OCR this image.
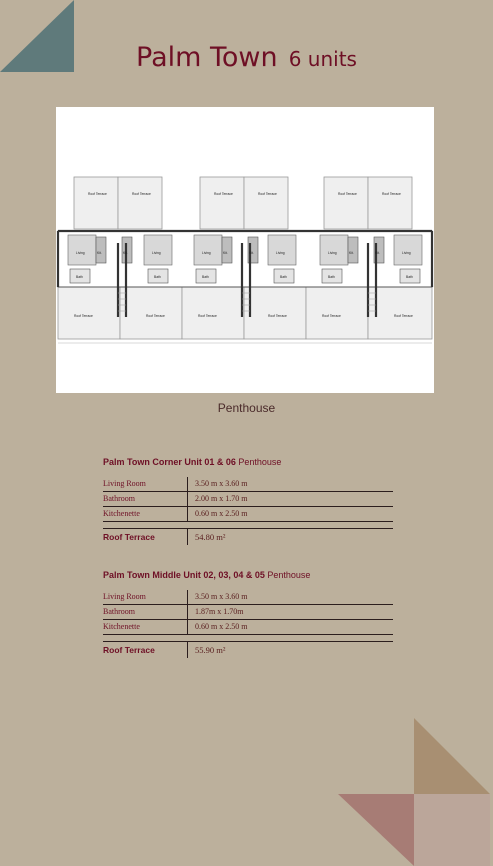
Palm Town 6 units
Roof Terrace	Roof Terrace	Roof Terrace	Roof Terrace	Roof Terrace	Roof Terrace
Living	Living	Living	Living	Living	Living
Kit.	Kit.	Kit.	Kit.	Kit.	Kit.
Bath	Bath	Bath	Bath	Bath	Bath
Roof Terrace	Roof Terrace	Roof Terrace	Roof Terrace	Roof Terrace	Roof Terrace
Penthouse
Palm Town Corner Unit 01 & 06 Penthouse
Living Room	3.50 m x 3.60 m
Bathroom	2.00 m x 1.70 m
Kitchenette	0.60 m x 2.50 m
Roof Terrace	54.80 m²
Palm Town Middle Unit 02, 03, 04 & 05 Penthouse
Living Room	3.50 m x 3.60 m
Bathroom	1.87m x 1.70m
Kitchenette	0.60 m x 2.50 m
Roof Terrace	55.90 m²
